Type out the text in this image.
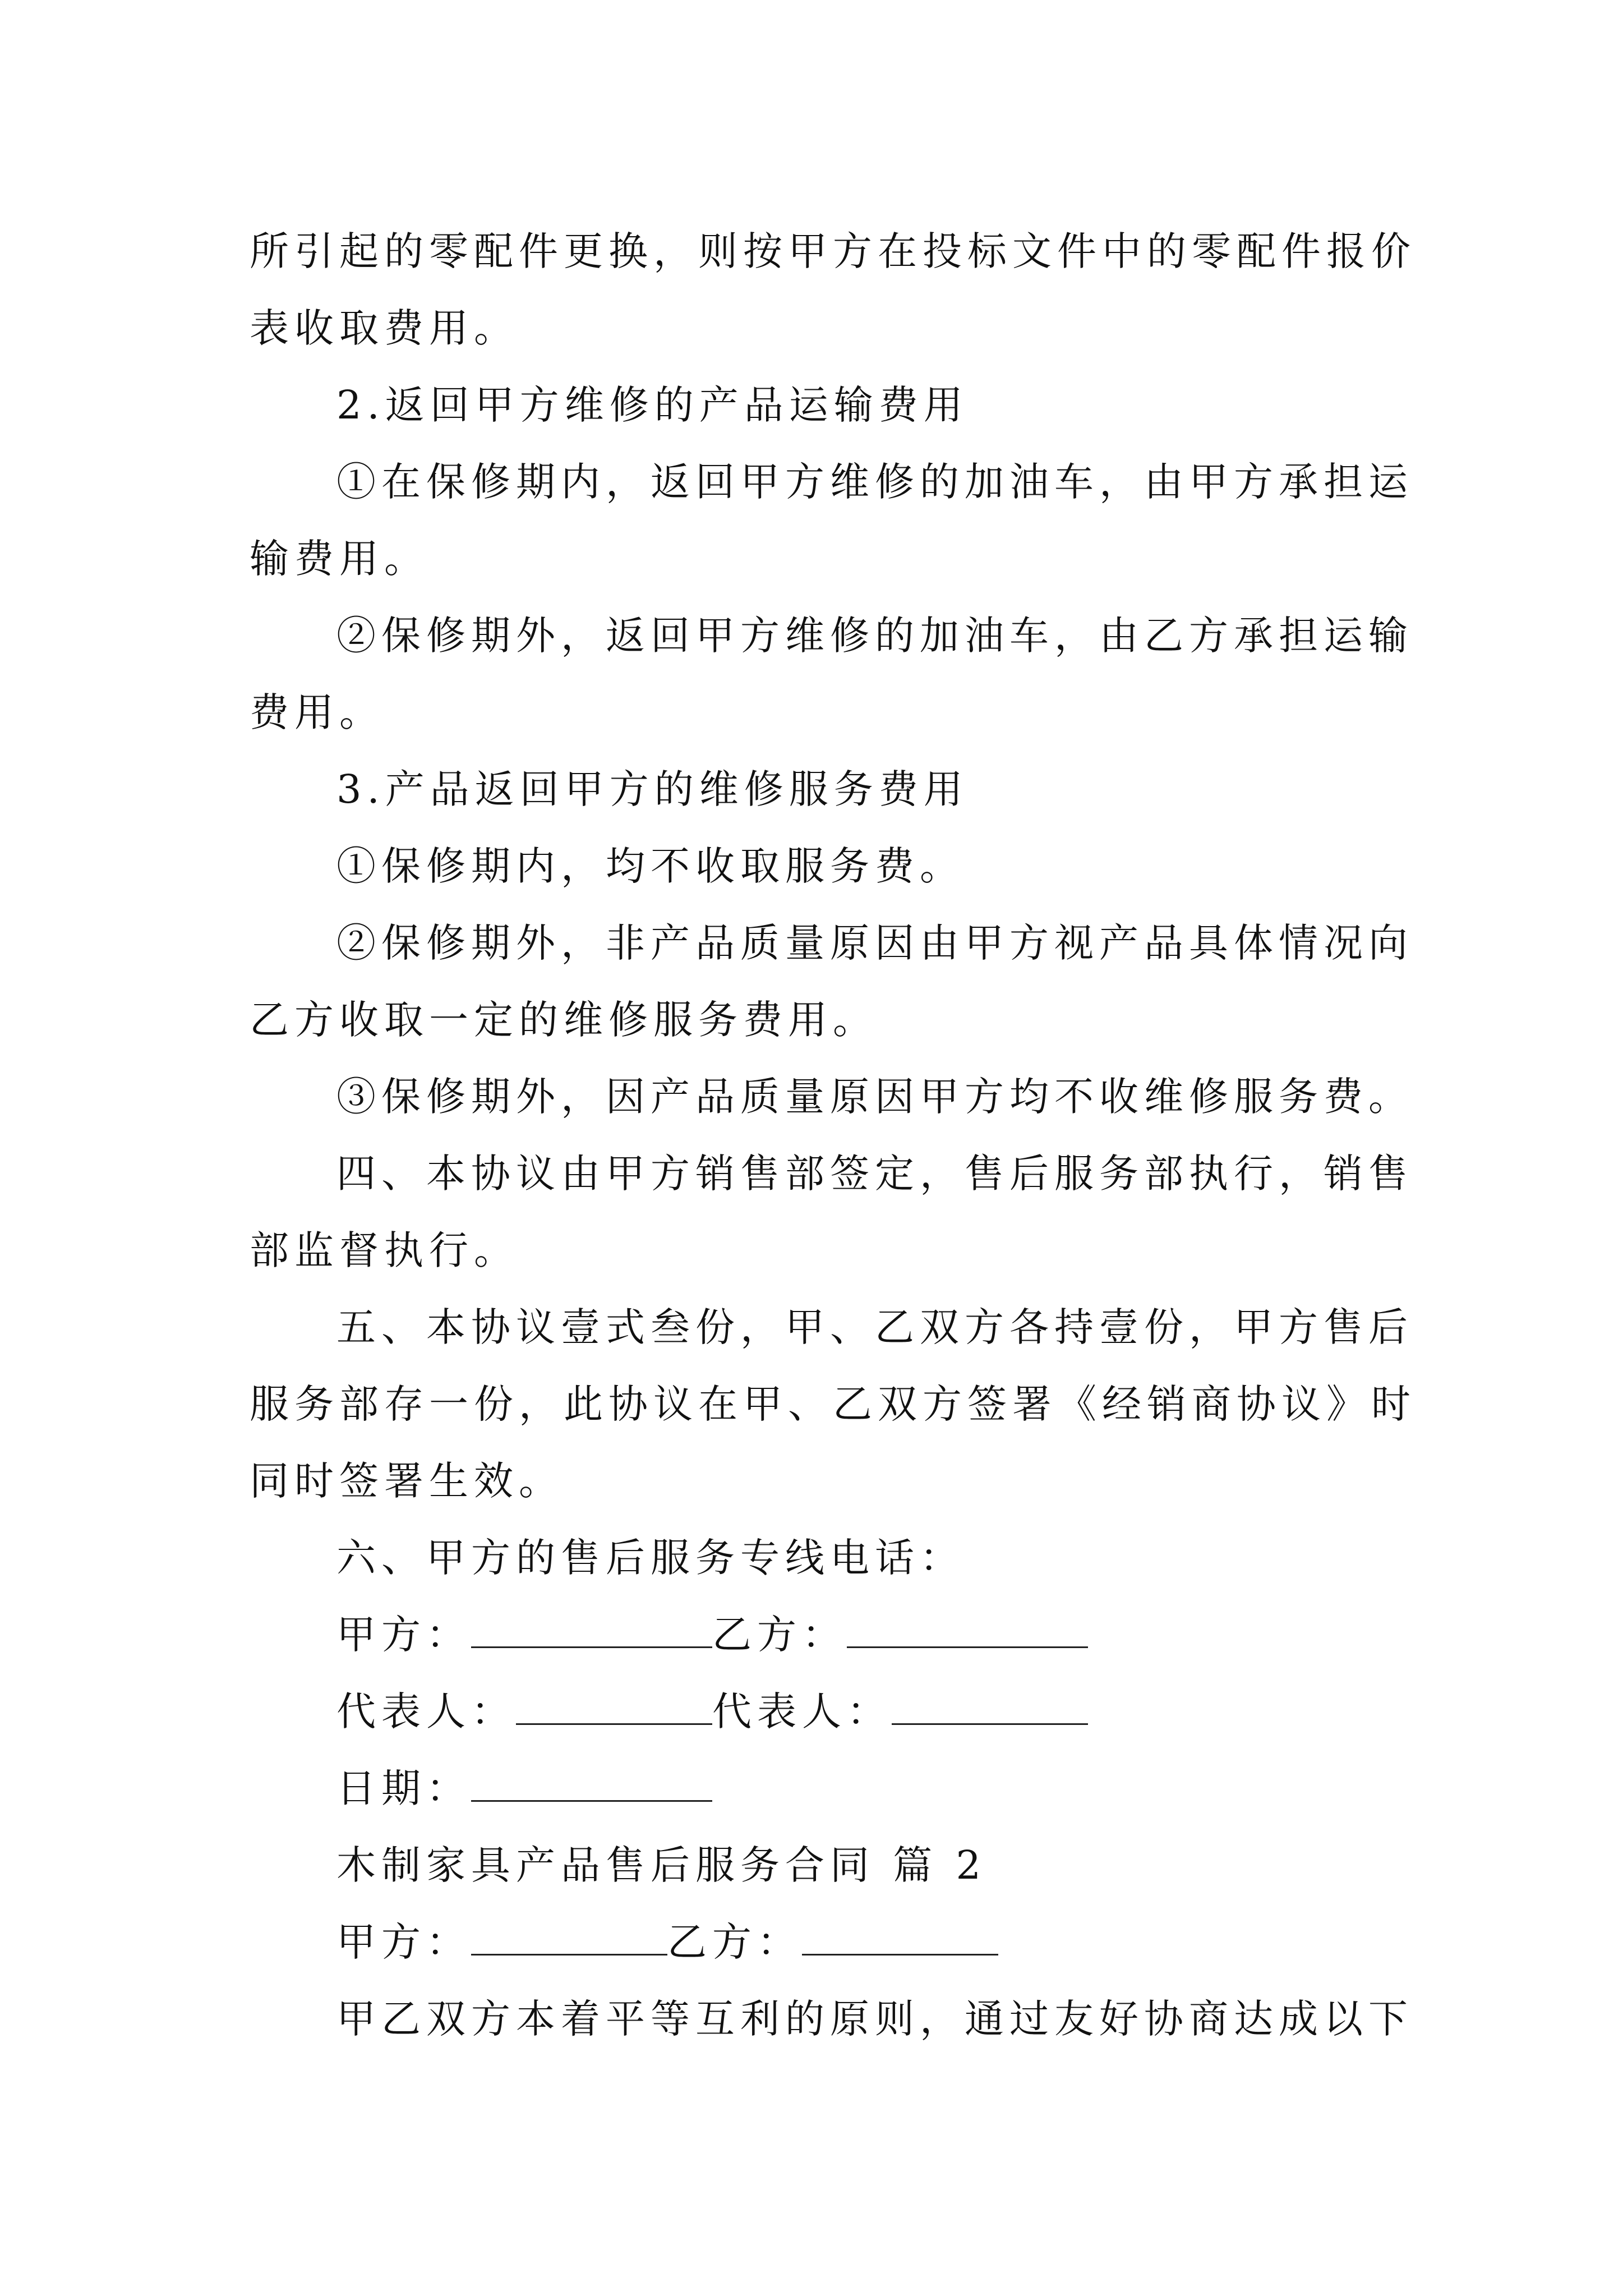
所引起的零配件更换，则按甲方在投标文件中的零配件报价
表收取费用。
2.返回甲方维修的产品运输费用
①在保修期内，返回甲方维修的加油车，由甲方承担运
输费用。
②保修期外，返回甲方维修的加油车，由乙方承担运输
费用。
3.产品返回甲方的维修服务费用
①保修期内，均不收取服务费。
②保修期外，非产品质量原因由甲方视产品具体情况向
乙方收取一定的维修服务费用。
③保修期外，因产品质量原因甲方均不收维修服务费。
四、本协议由甲方销售部签定，售后服务部执行，销售
部监督执行。
五、本协议壹式叁份，甲、乙双方各持壹份，甲方售后
服务部存一份，此协议在甲、乙双方签署《经销商协议》时
同时签署生效。
六、甲方的售后服务专线电话：
甲方：	乙方：
代表人：	代表人：
日期：
木制家具产品售后服务合同 篇 2
甲方：	乙方：
甲乙双方本着平等互利的原则，通过友好协商达成以下
